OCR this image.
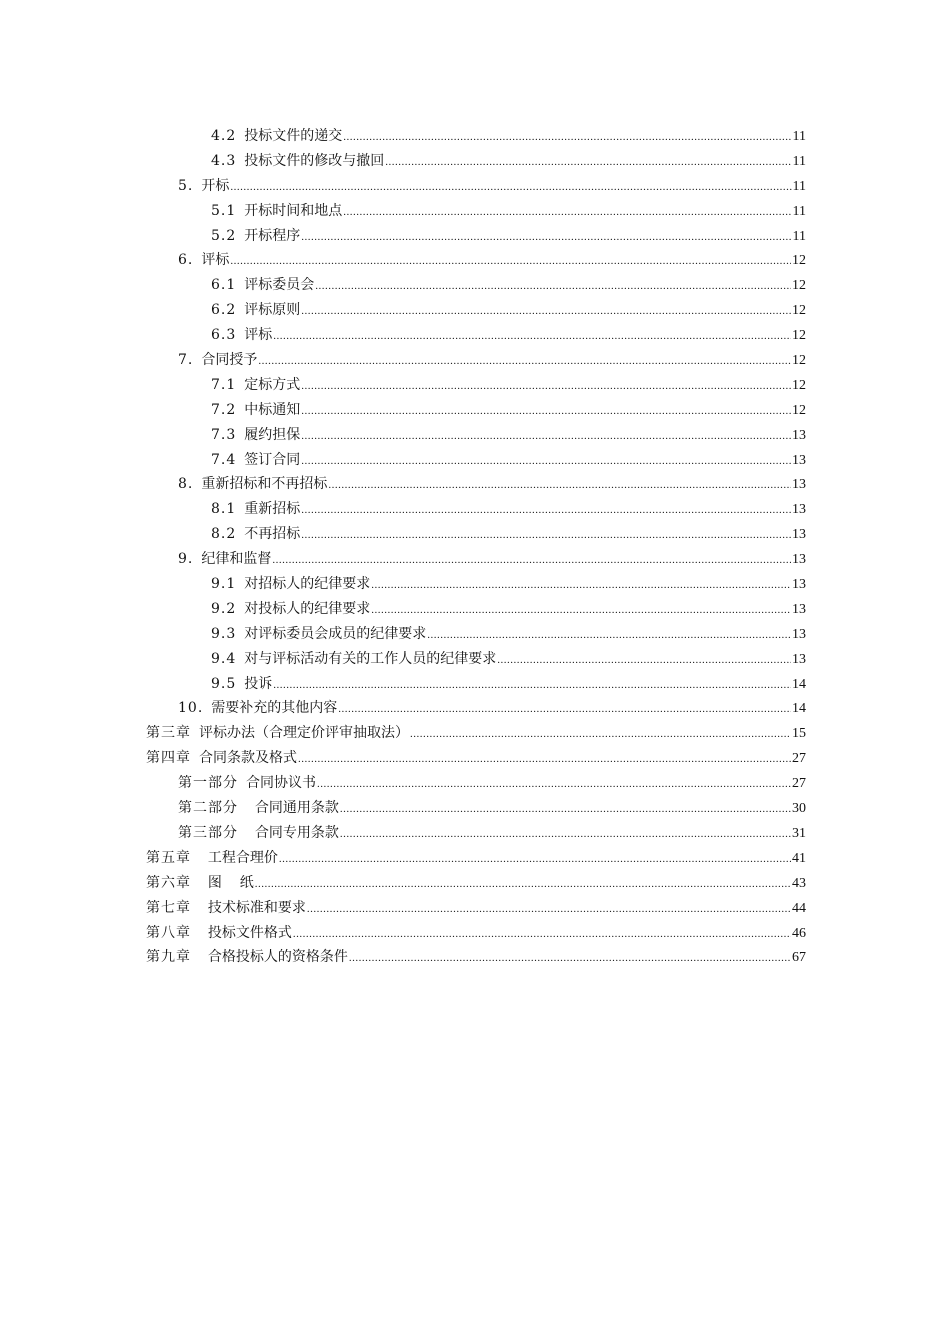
4.2 投标文件的递交 .....	11
4.3 投标文件的修改与撤回 .....	11
5. 开标 .....	11
5.1 开标时间和地点 .....	11
5.2 开标程序 .....	11
6. 评标 .....	12
6.1 评标委员会 .....	12
6.2 评标原则 .....	12
6.3 评标 .....	12
7. 合同授予 .....	12
7.1 定标方式 .....	12
7.2 中标通知 .....	12
7.3 履约担保 .....	13
7.4 签订合同 .....	13
8. 重新招标和不再招标 .....	13
8.1 重新招标 .....	13
8.2 不再招标 .....	13
9. 纪律和监督 .....	13
9.1 对招标人的纪律要求 .....	13
9.2 对投标人的纪律要求 .....	13
9.3 对评标委员会成员的纪律要求 .....	13
9.4 对与评标活动有关的工作人员的纪律要求 .....	13
9.5 投诉 .....	14
10. 需要补充的其他内容 .....	14
第三章 评标办法（合理定价评审抽取法） .....	15
第四章 合同条款及格式 .....	27
第一部分 合同协议书 .....	27
第二部分 合同通用条款 .....	30
第三部分 合同专用条款 .....	31
第五章 工程合理价 .....	41
第六章 图    纸 .....	43
第七章 技术标准和要求 .....	44
第八章 投标文件格式 .....	46
第九章 合格投标人的资格条件 .....	67
